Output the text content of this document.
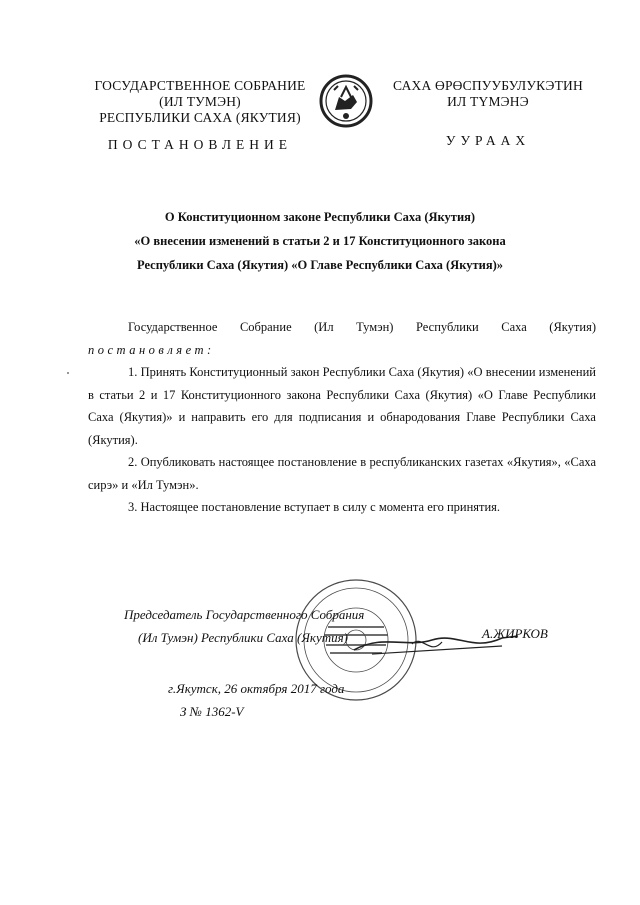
ГОСУДАРСТВЕННОЕ СОБРАНИЕ
(ИЛ ТУМЭН)
РЕСПУБЛИКИ САХА (ЯКУТИЯ)
САХА ӨРӨСПУУБУЛУКЭТИН
ИЛ ТҮМЭНЭ
ПОСТАНОВЛЕНИЕ	УУРААХ
О Конституционном законе Республики Саха (Якутия)
«О внесении изменений в статьи 2 и 17 Конституционного закона
Республики Саха (Якутия) «О Главе Республики Саха (Якутия)»

Государственное Собрание (Ил Тумэн) Республики Саха (Якутия) постановляет:

1. Принять Конституционный закон Республики Саха (Якутия) «О внесении изменений в статьи 2 и 17 Конституционного закона Республики Саха (Якутия) «О Главе Республики Саха (Якутия)» и направить его для подписания и обнародования Главе Республики Саха (Якутия).

2. Опубликовать настоящее постановление в республиканских газетах «Якутия», «Саха сирэ» и «Ил Тумэн».

3. Настоящее постановление вступает в силу с момента его принятия.

Председатель Государственного Собрания
(Ил Тумэн) Республики Саха (Якутия)	А.ЖИРКОВ
г.Якутск, 26 октября 2017 года
З № 1362-V
